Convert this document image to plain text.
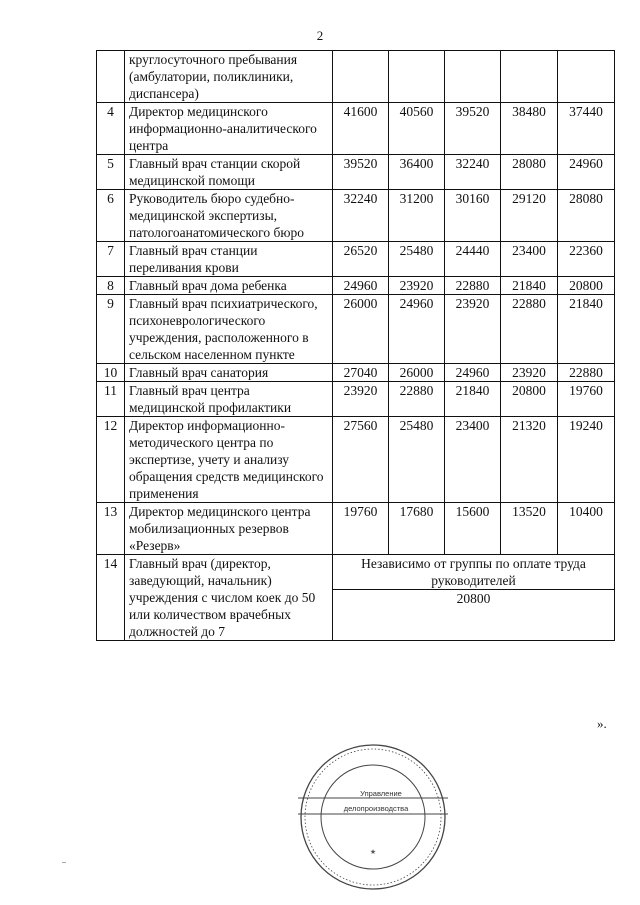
2
	круглосуточного пребывания (амбулатории, поликлиники, диспансера)					
4	Директор медицинского информационно-аналитического центра	41600	40560	39520	38480	37440
5	Главный врач станции скорой медицинской помощи	39520	36400	32240	28080	24960
6	Руководитель бюро судебно-медицинской экспертизы, патологоанатомического бюро	32240	31200	30160	29120	28080
7	Главный врач станции переливания крови	26520	25480	24440	23400	22360
8	Главный врач дома ребенка	24960	23920	22880	21840	20800
9	Главный врач психиатрического, психоневрологического учреждения, расположенного в сельском населенном пункте	26000	24960	23920	22880	21840
10	Главный врач санатория	27040	26000	24960	23920	22880
11	Главный врач центра медицинской профилактики	23920	22880	21840	20800	19760
12	Директор информационно-методического центра по экспертизе, учету и анализу обращения средств медицинского применения	27560	25480	23400	21320	19240
13	Директор медицинского центра мобилизационных резервов «Резерв»	19760	17680	15600	13520	10400
14	Главный врач (директор, заведующий, начальник) учреждения с числом коек до 50 или количеством врачебных должностей до 7	Независимо от группы по оплате труда руководителей				
		20800				
».
Управление
делопроизводства
★
